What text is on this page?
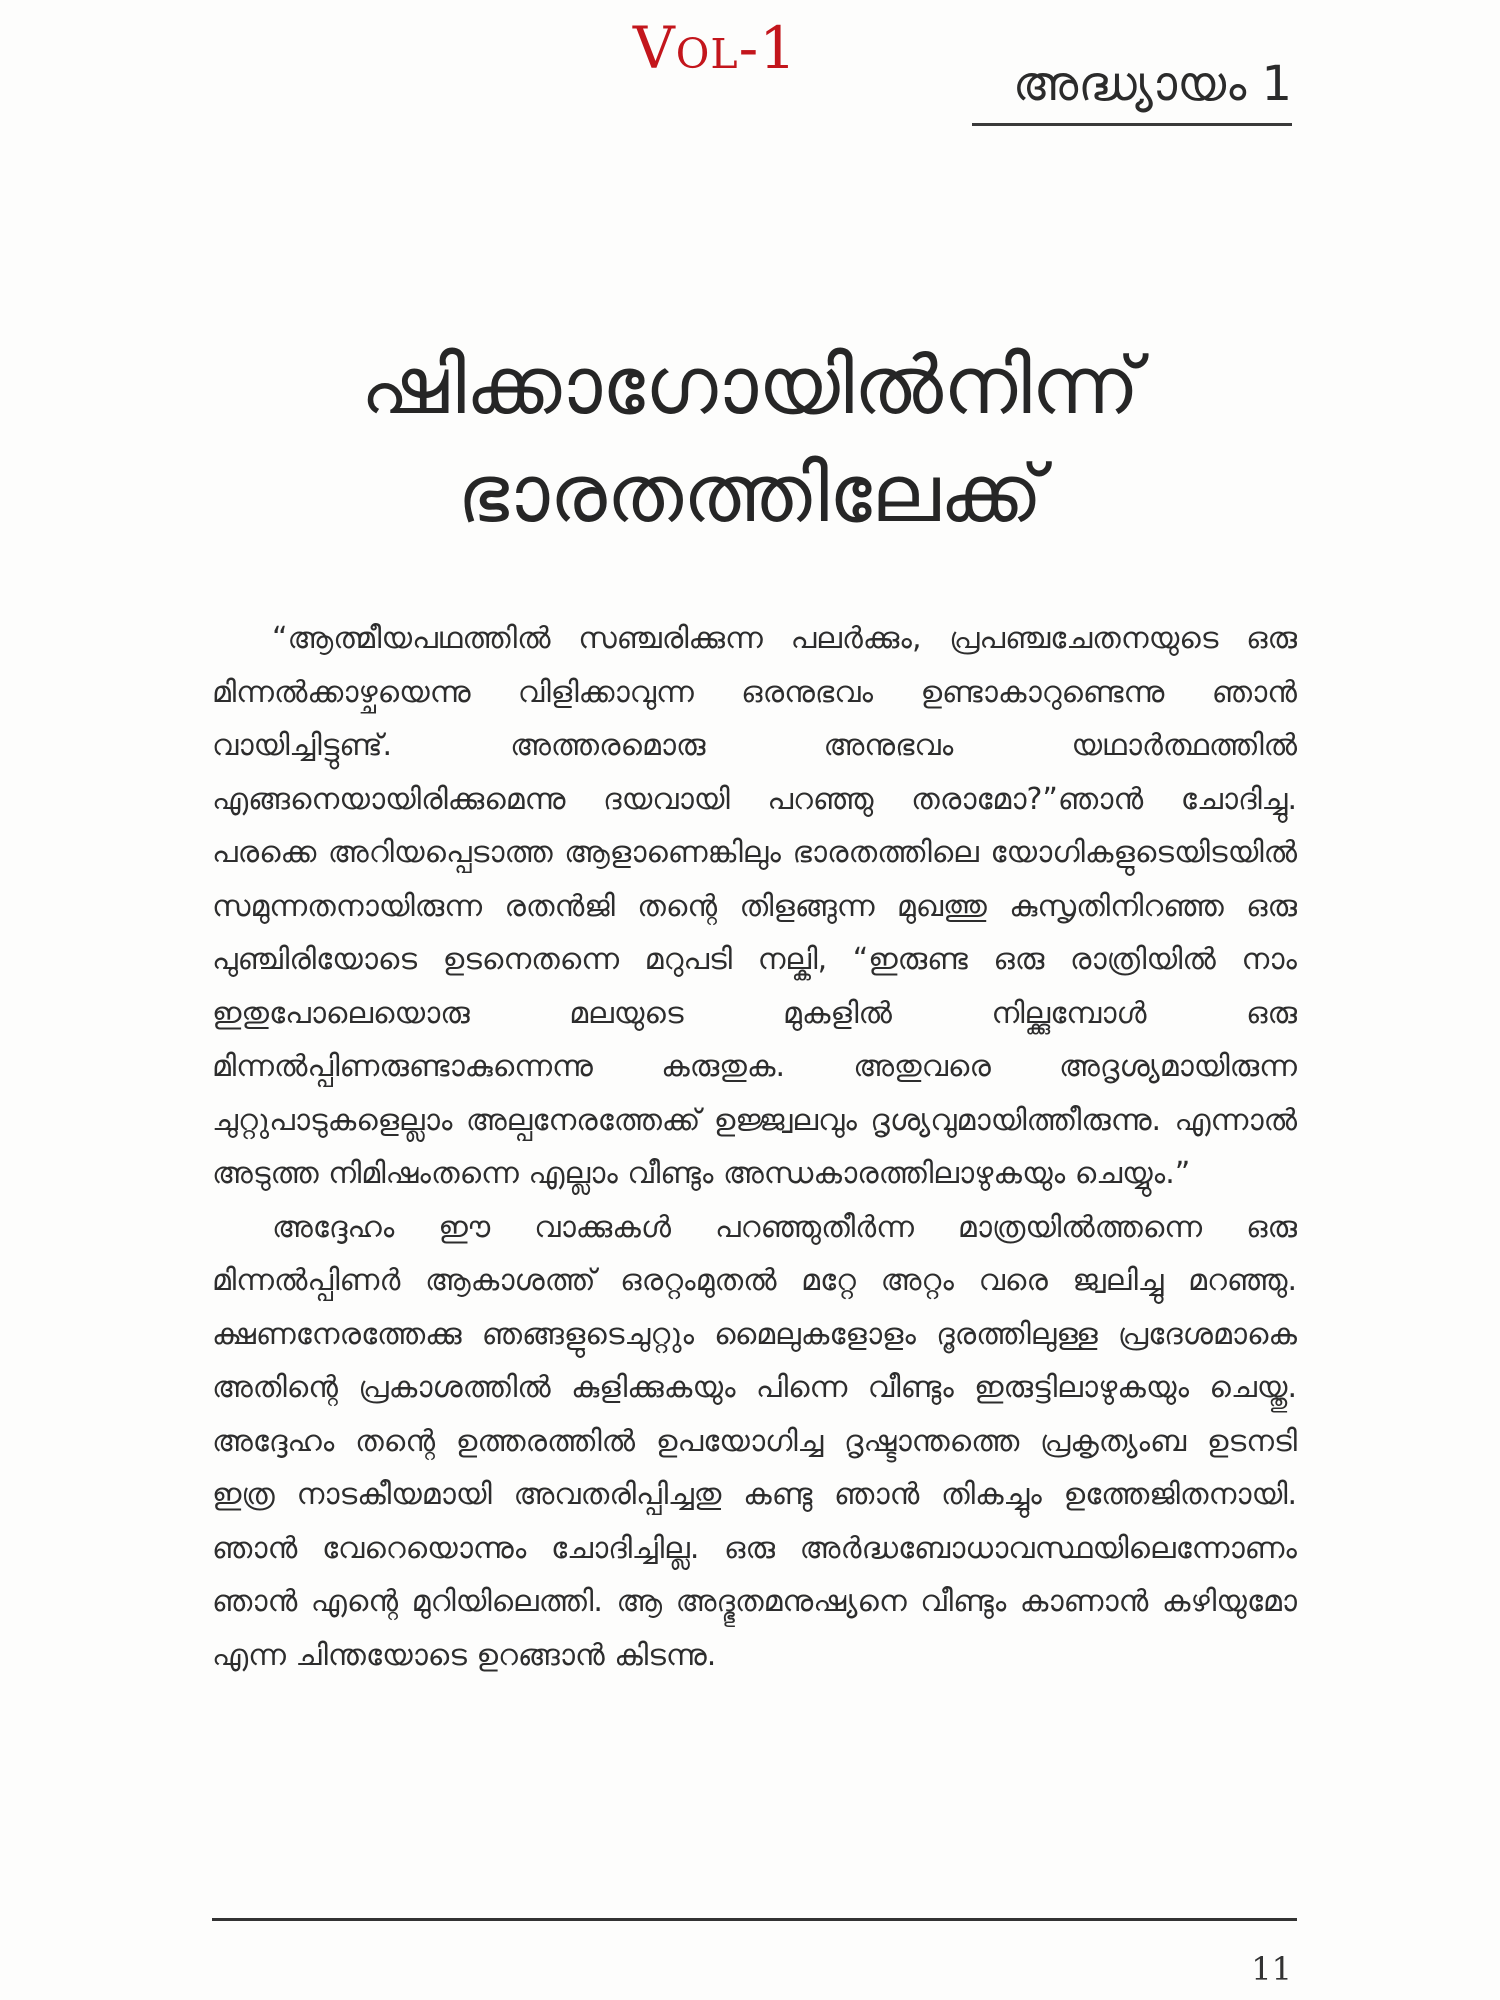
Vol-1
അദ്ധ്യായം 1
ഷിക്കാഗോയിൽനിന്ന്
ഭാരതത്തിലേക്ക്

“ആത്മീയപഥത്തിൽ സഞ്ചരിക്കുന്ന പലർക്കും, പ്രപഞ്ചചേതനയുടെ ഒരു മിന്നൽക്കാഴ്ചയെന്നു വിളിക്കാവുന്ന ഒരനുഭവം ഉണ്ടാകാറുണ്ടെന്നു ഞാൻ വായിച്ചിട്ടുണ്ട്. അത്തരമൊരു അനുഭവം യഥാർത്ഥത്തിൽ എങ്ങനെയായിരിക്കുമെന്നു ദയവായി പറഞ്ഞു തരാമോ?”ഞാൻ ചോദിച്ചു. പരക്കെ അറിയപ്പെടാത്ത ആളാണെങ്കിലും ഭാരതത്തിലെ യോഗികളുടെയിടയിൽ സമുന്നതനായിരുന്ന രതൻജി തന്റെ തിളങ്ങുന്ന മുഖത്തു കുസൃതിനിറഞ്ഞ ഒരു പുഞ്ചിരിയോടെ ഉടനെതന്നെ മറുപടി നല്കി, “ഇരുണ്ട ഒരു രാത്രിയിൽ നാം ഇതുപോലെയൊരു മലയുടെ മുകളിൽ നില്ക്കുമ്പോൾ ഒരു മിന്നൽപ്പിണരുണ്ടാകുന്നെന്നു കരുതുക. അതുവരെ അദൃശ്യമായിരുന്ന ചുറ്റുപാടുകളെല്ലാം അല്പനേരത്തേക്ക് ഉജ്ജ്വലവും ദൃശ്യവുമായിത്തീരുന്നു. എന്നാൽ അടുത്ത നിമിഷംതന്നെ എല്ലാം വീണ്ടും അന്ധകാരത്തിലാഴുകയും ചെയ്യും.”

അദ്ദേഹം ഈ വാക്കുകൾ പറഞ്ഞുതീർന്ന മാത്രയിൽത്തന്നെ ഒരു മിന്നൽപ്പിണർ ആകാശത്ത് ഒരറ്റംമുതൽ മറ്റേ അറ്റം വരെ ജ്വലിച്ചു മറഞ്ഞു. ക്ഷണനേരത്തേക്കു ഞങ്ങളുടെചുറ്റും മൈലുകളോളം ദൂരത്തിലുള്ള പ്രദേശമാകെ അതിന്റെ പ്രകാശത്തിൽ കുളിക്കുകയും പിന്നെ വീണ്ടും ഇരുട്ടിലാഴുകയും ചെയ്തു. അദ്ദേഹം തന്റെ ഉത്തരത്തിൽ ഉപയോഗിച്ച ദൃഷ്ടാന്തത്തെ പ്രകൃത്യംബ ഉടനടി ഇത്ര നാടകീയമായി അവതരിപ്പിച്ചതു കണ്ടു ഞാൻ തികച്ചും ഉത്തേജിതനായി. ഞാൻ വേറെയൊന്നും ചോദിച്ചില്ല. ഒരു അർദ്ധബോധാവസ്ഥയിലെന്നോണം ഞാൻ എന്റെ മുറിയിലെത്തി. ആ അദ്ഭുതമനുഷ്യനെ വീണ്ടും കാണാൻ കഴിയുമോ എന്ന ചിന്തയോടെ ഉറങ്ങാൻ കിടന്നു.

11
